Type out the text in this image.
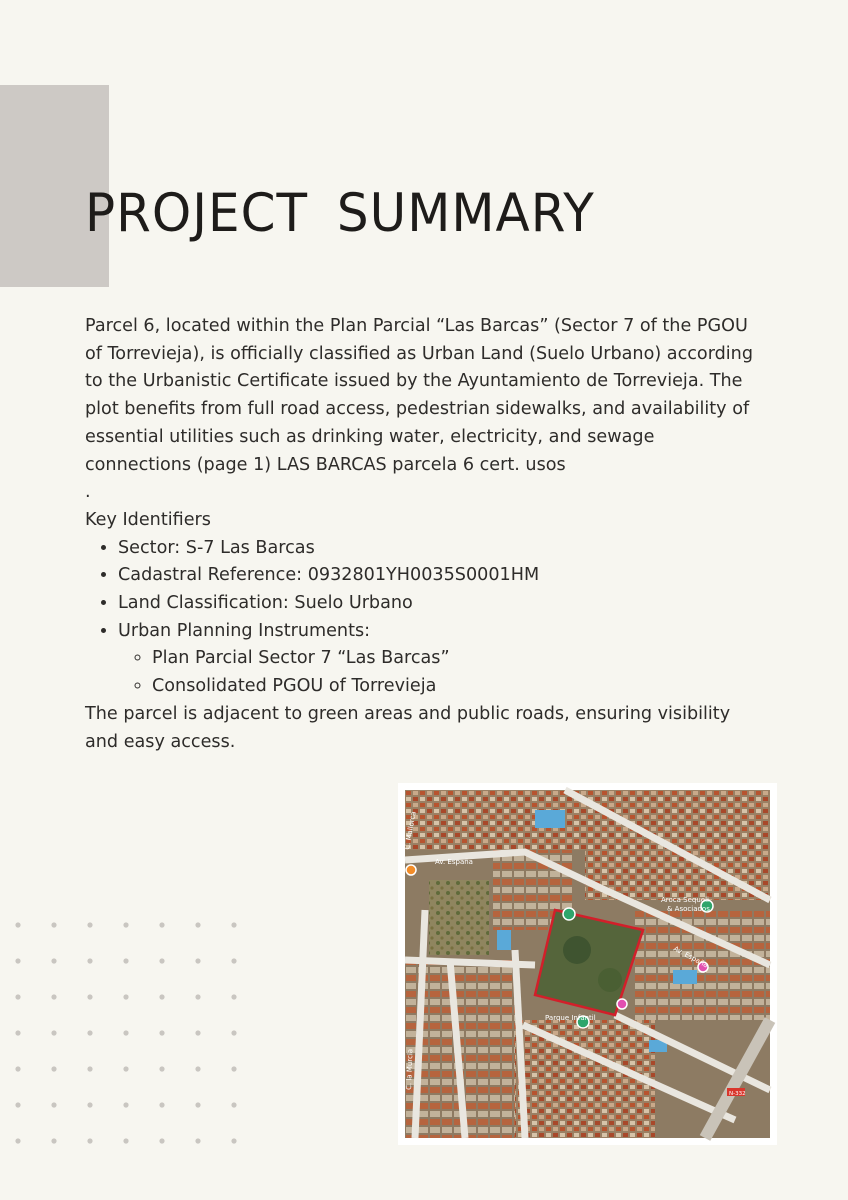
PROJECT SUMMARY

Parcel 6, located within the Plan Parcial “Las Barcas” (Sector 7 of the PGOU of Torrevieja), is officially classified as Urban Land (Suelo Urbano) according to the Urbanistic Certificate issued by the Ayuntamiento de Torrevieja. The plot benefits from full road access, pedestrian sidewalks, and availability of essential utilities such as drinking water, electricity, and sewage connections (page 1) LAS BARCAS parcela 6 cert. usos

.

Key Identifiers

• Sector: S-7 Las Barcas
• Cadastral Reference: 0932801YH0035S0001HM
• Land Classification: Suelo Urbano
• Urban Planning Instruments:
◦ Plan Parcial Sector 7 “Las Barcas”
◦ Consolidated PGOU of Torrevieja

The parcel is adjacent to green areas and public roads, ensuring visibility and easy access.

Av. España
Av. España
C. la Murcia
Aroca Sequeli
& Asociados
Parque Infantil
C. Mallorca
N-332
